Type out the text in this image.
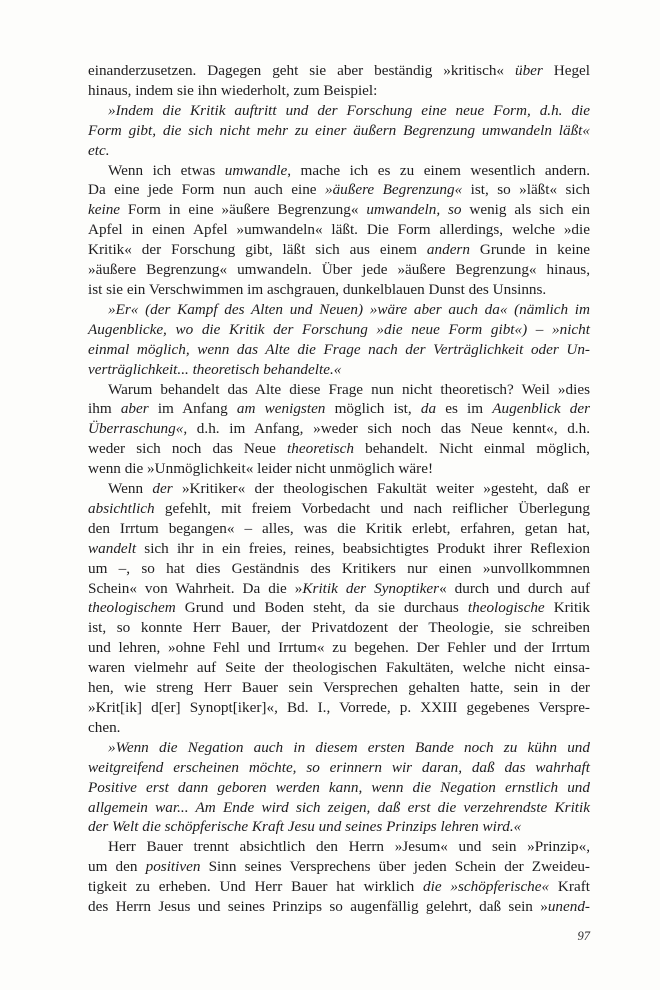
einanderzusetzen. Dagegen geht sie aber beständig »kritisch« über Hegel
hinaus, indem sie ihn wiederholt, zum Beispiel:
»Indem die Kritik auftritt und der Forschung eine neue Form, d.h. die
Form gibt, die sich nicht mehr zu einer äußern Begrenzung umwandeln läßt«
etc.
Wenn ich etwas umwandle, mache ich es zu einem wesentlich andern.
Da eine jede Form nun auch eine »äußere Begrenzung« ist, so »läßt« sich
keine Form in eine »äußere Begrenzung« umwandeln, so wenig als sich ein
Apfel in einen Apfel »umwandeln« läßt. Die Form allerdings, welche »die
Kritik« der Forschung gibt, läßt sich aus einem andern Grunde in keine
»äußere Begrenzung« umwandeln. Über jede »äußere Begrenzung« hinaus,
ist sie ein Verschwimmen im aschgrauen, dunkelblauen Dunst des Unsinns.
»Er« (der Kampf des Alten und Neuen) »wäre aber auch da« (nämlich im
Augenblicke, wo die Kritik der Forschung »die neue Form gibt«) – »nicht
einmal möglich, wenn das Alte die Frage nach der Verträglichkeit oder Un-
verträglichkeit... theoretisch behandelte.«
Warum behandelt das Alte diese Frage nun nicht theoretisch? Weil »dies
ihm aber im Anfang am wenigsten möglich ist, da es im Augenblick der
Überraschung«, d.h. im Anfang, »weder sich noch das Neue kennt«, d.h.
weder sich noch das Neue theoretisch behandelt. Nicht einmal möglich,
wenn die »Unmöglichkeit« leider nicht unmöglich wäre!
Wenn der »Kritiker« der theologischen Fakultät weiter »gesteht, daß er
absichtlich gefehlt, mit freiem Vorbedacht und nach reiflicher Überlegung
den Irrtum begangen« – alles, was die Kritik erlebt, erfahren, getan hat,
wandelt sich ihr in ein freies, reines, beabsichtigtes Produkt ihrer Reflexion
um –, so hat dies Geständnis des Kritikers nur einen »unvollkommnen
Schein« von Wahrheit. Da die »Kritik der Synoptiker« durch und durch auf
theologischem Grund und Boden steht, da sie durchaus theologische Kritik
ist, so konnte Herr Bauer, der Privatdozent der Theologie, sie schreiben
und lehren, »ohne Fehl und Irrtum« zu begehen. Der Fehler und der Irrtum
waren vielmehr auf Seite der theologischen Fakultäten, welche nicht einsa-
hen, wie streng Herr Bauer sein Versprechen gehalten hatte, sein in der
»Krit[ik] d[er] Synopt[iker]«, Bd. I., Vorrede, p. XXIII gegebenes Verspre-
chen.
»Wenn die Negation auch in diesem ersten Bande noch zu kühn und
weitgreifend erscheinen möchte, so erinnern wir daran, daß das wahrhaft
Positive erst dann geboren werden kann, wenn die Negation ernstlich und
allgemein war... Am Ende wird sich zeigen, daß erst die verzehrendste Kritik
der Welt die schöpferische Kraft Jesu und seines Prinzips lehren wird.«
Herr Bauer trennt absichtlich den Herrn »Jesum« und sein »Prinzip«,
um den positiven Sinn seines Versprechens über jeden Schein der Zweideu-
tigkeit zu erheben. Und Herr Bauer hat wirklich die »schöpferische« Kraft
des Herrn Jesus und seines Prinzips so augenfällig gelehrt, daß sein »unend-
97
